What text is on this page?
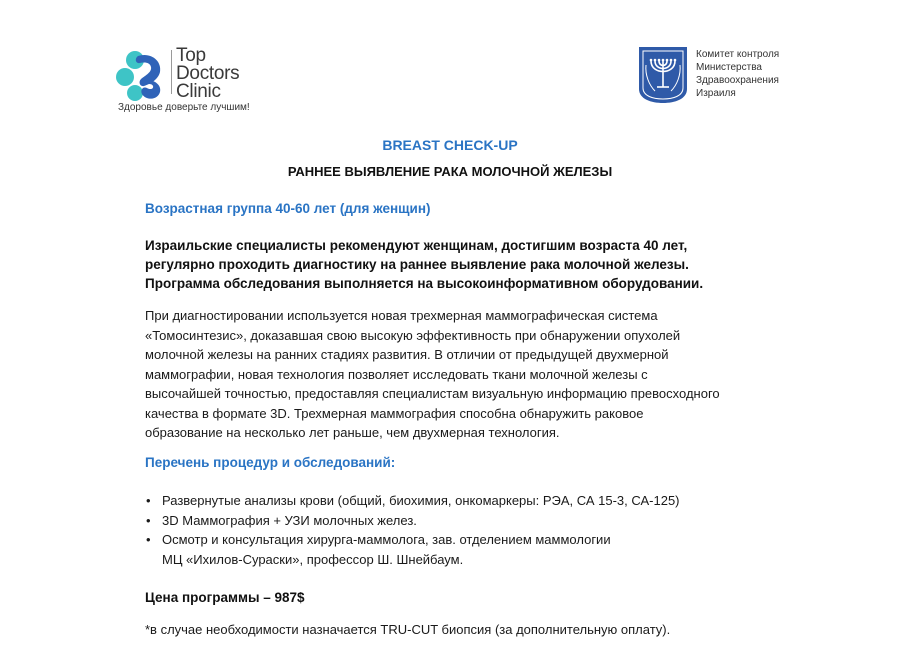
Top
Doctors
Clinic
Здоровье доверьте лучшим!
Комитет контроля
Министерства
Здравоохранения
Израиля
BREAST CHECK-UP
РАННЕЕ ВЫЯВЛЕНИЕ РАКА МОЛОЧНОЙ ЖЕЛЕЗЫ
Возрастная группа 40-60 лет (для женщин)
Израильские специалисты рекомендуют женщинам, достигшим возраста 40 лет,
регулярно проходить диагностику на раннее выявление рака молочной железы.
Программа обследования выполняется на высокоинформативном оборудовании.
При диагностировании используется новая трехмерная маммографическая система
«Томосинтезис», доказавшая свою высокую эффективность при обнаружении опухолей
молочной железы на ранних стадиях развития. В отличии от предыдущей двухмерной
маммографии, новая технология позволяет исследовать ткани молочной железы с
высочайшей точностью, предоставляя специалистам визуальную информацию превосходного
качества в формате 3D. Трехмерная маммография способна обнаружить раковое
образование на несколько лет раньше, чем двухмерная технология.
Перечень процедур и обследований:
• Развернутые анализы крови (общий, биохимия, онкомаркеры: РЭА, СА 15-3, СА-125)
• 3D Маммография + УЗИ молочных желез.
• Осмотр и консультация хирурга-маммолога, зав. отделением маммологии
МЦ «Ихилов-Сураски», профессор Ш. Шнейбаум.
Цена программы – 987$
*в случае необходимости назначается TRU-CUT биопсия (за дополнительную оплату).
